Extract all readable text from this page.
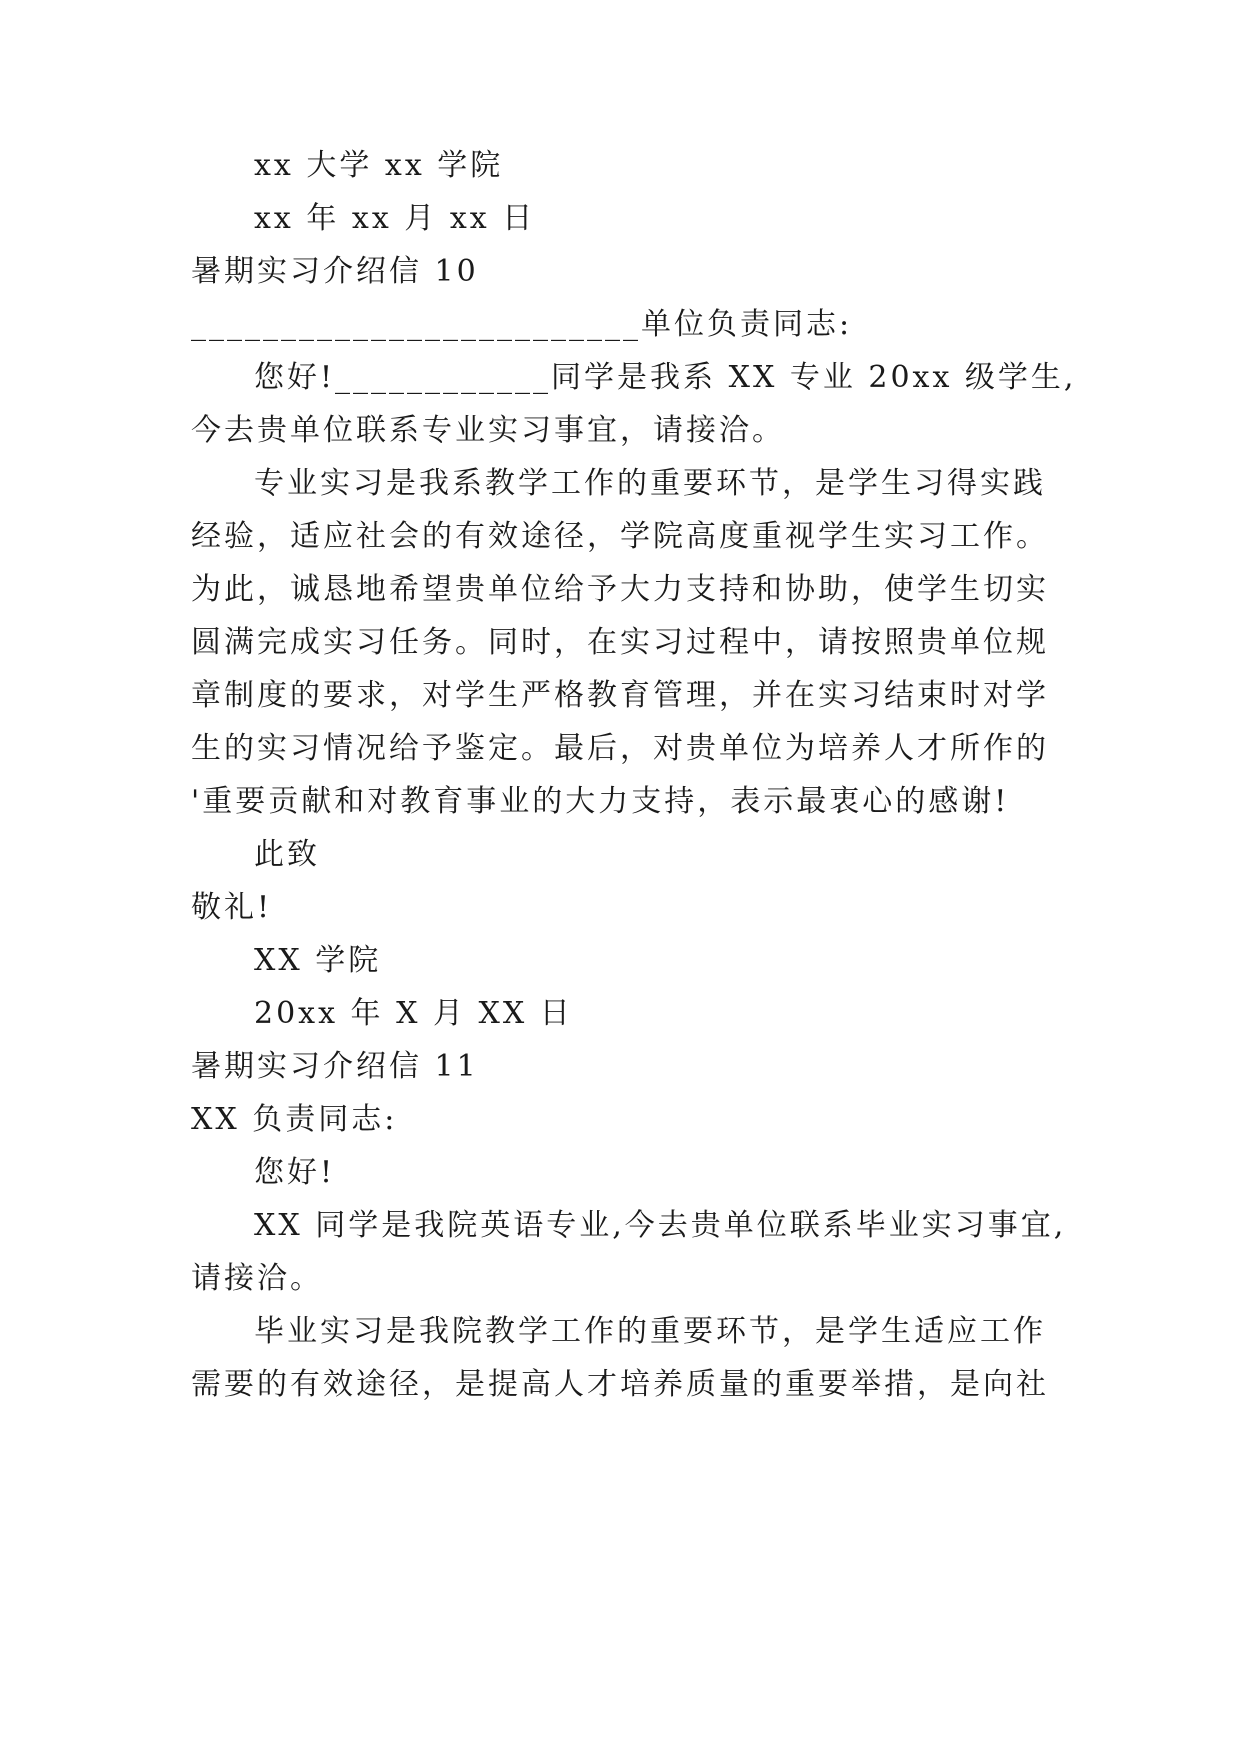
xx 大学 xx 学院

xx 年 xx 月 xx 日

暑期实习介绍信 10

_________________________单位负责同志:

您好!____________同学是我系 XX 专业 20xx 级学生,

今去贵单位联系专业实习事宜，请接洽。

专业实习是我系教学工作的重要环节，是学生习得实践

经验，适应社会的有效途径，学院高度重视学生实习工作。

为此，诚恳地希望贵单位给予大力支持和协助，使学生切实

圆满完成实习任务。同时，在实习过程中，请按照贵单位规

章制度的要求，对学生严格教育管理，并在实习结束时对学

生的实习情况给予鉴定。最后，对贵单位为培养人才所作的

'重要贡献和对教育事业的大力支持，表示最衷心的感谢!

此致

敬礼!

XX 学院

20xx 年 X 月 XX 日

暑期实习介绍信 11

XX 负责同志:

您好!

XX 同学是我院英语专业,今去贵单位联系毕业实习事宜,

请接洽。

毕业实习是我院教学工作的重要环节，是学生适应工作

需要的有效途径，是提高人才培养质量的重要举措，是向社
